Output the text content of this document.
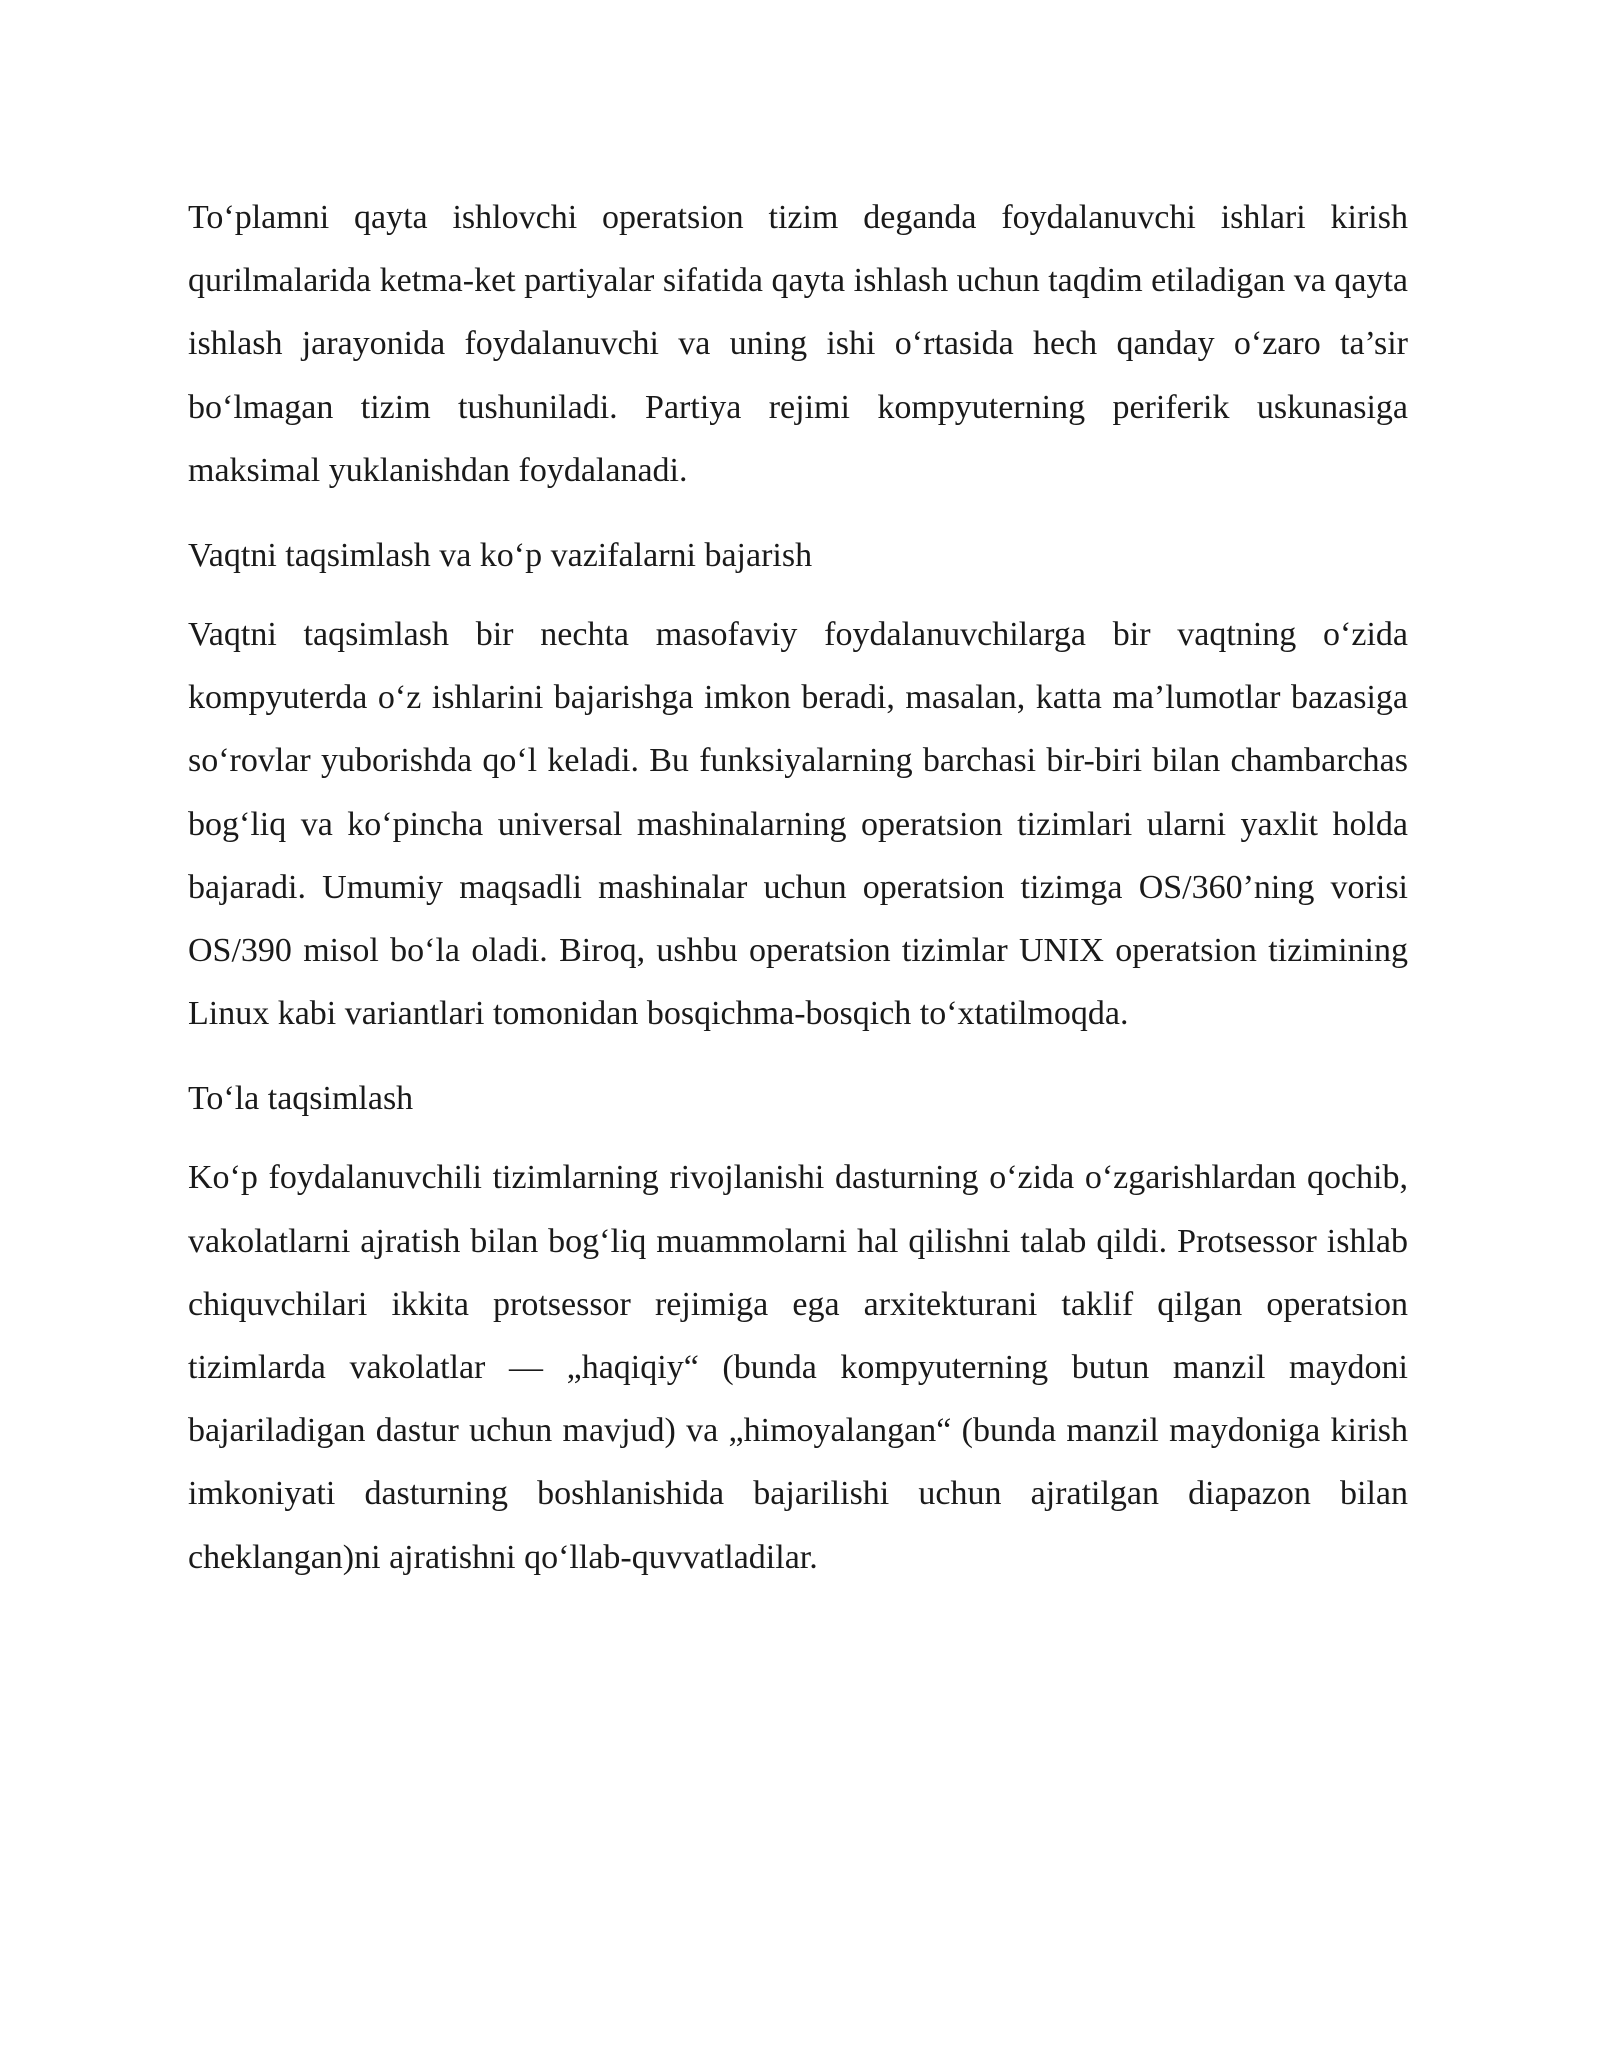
To‘plamni qayta ishlovchi operatsion tizim deganda foydalanuvchi ishlari kirish qurilmalarida ketma-ket partiyalar sifatida qayta ishlash uchun taqdim etiladigan va qayta ishlash jarayonida foydalanuvchi va uning ishi o‘rtasida hech qanday o‘zaro ta’sir bo‘lmagan tizim tushuniladi. Partiya rejimi kompyuterning periferik uskunasiga maksimal yuklanishdan foydalanadi.

Vaqtni taqsimlash va ko‘p vazifalarni bajarish

Vaqtni taqsimlash bir nechta masofaviy foydalanuvchilarga bir vaqtning o‘zida kompyuterda o‘z ishlarini bajarishga imkon beradi, masalan, katta ma’lumotlar bazasiga so‘rovlar yuborishda qo‘l keladi. Bu funksiyalarning barchasi bir-biri bilan chambarchas bog‘liq va ko‘pincha universal mashinalarning operatsion tizimlari ularni yaxlit holda bajaradi. Umumiy maqsadli mashinalar uchun operatsion tizimga OS/360’ning vorisi OS/390 misol bo‘la oladi. Biroq, ushbu operatsion tizimlar UNIX operatsion tizimining Linux kabi variantlari tomonidan bosqichma-bosqich to‘xtatilmoqda.

To‘la taqsimlash

Ko‘p foydalanuvchili tizimlarning rivojlanishi dasturning o‘zida o‘zgarishlardan qochib, vakolatlarni ajratish bilan bog‘liq muammolarni hal qilishni talab qildi. Protsessor ishlab chiquvchilari ikkita protsessor rejimiga ega arxitekturani taklif qilgan operatsion tizimlarda vakolatlar — „haqiqiy“ (bunda kompyuterning butun manzil maydoni bajariladigan dastur uchun mavjud) va „himoyalangan“ (bunda manzil maydoniga kirish imkoniyati dasturning boshlanishida bajarilishi uchun ajratilgan diapazon bilan cheklangan)ni ajratishni qo‘llab-quvvatladilar.
